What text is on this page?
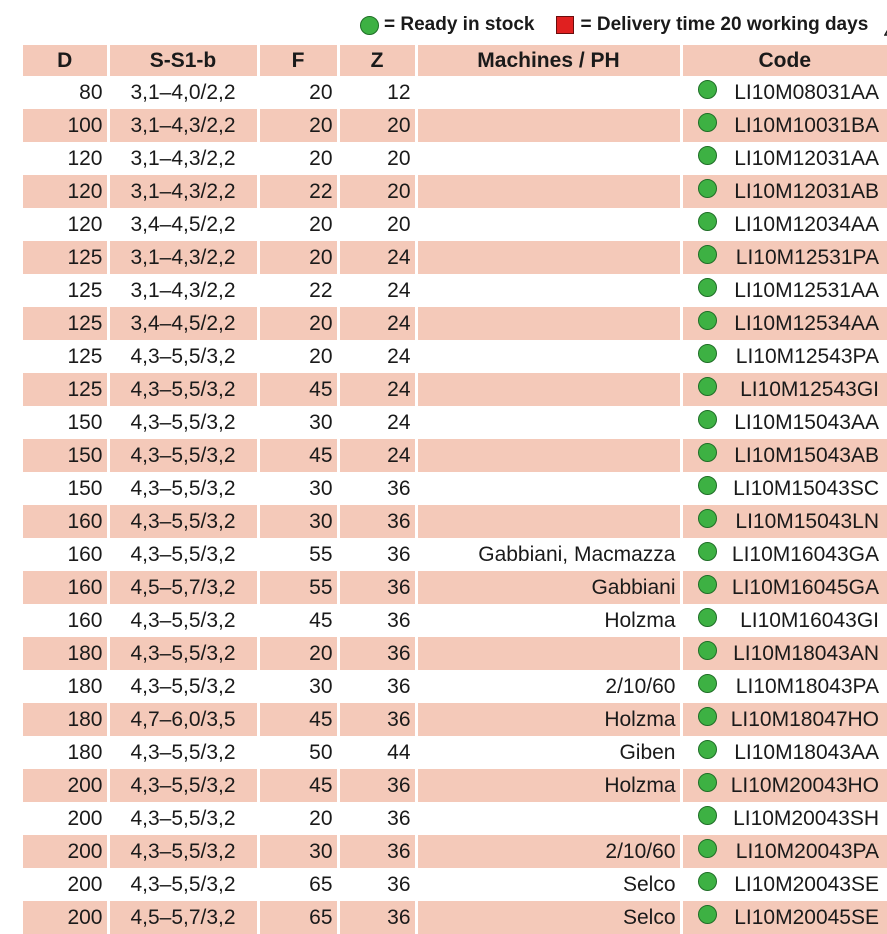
= Ready in stock = Delivery time 20 working days
D	S-S1-b	F	Z	Machines / PH	Code
80	3,1–4,0/2,2	20	12		LI10M08031AA
100	3,1–4,3/2,2	20	20		LI10M10031BA
120	3,1–4,3/2,2	20	20		LI10M12031AA
120	3,1–4,3/2,2	22	20		LI10M12031AB
120	3,4–4,5/2,2	20	20		LI10M12034AA
125	3,1–4,3/2,2	20	24		LI10M12531PA
125	3,1–4,3/2,2	22	24		LI10M12531AA
125	3,4–4,5/2,2	20	24		LI10M12534AA
125	4,3–5,5/3,2	20	24		LI10M12543PA
125	4,3–5,5/3,2	45	24		LI10M12543GI
150	4,3–5,5/3,2	30	24		LI10M15043AA
150	4,3–5,5/3,2	45	24		LI10M15043AB
150	4,3–5,5/3,2	30	36		LI10M15043SC
160	4,3–5,5/3,2	30	36		LI10M15043LN
160	4,3–5,5/3,2	55	36	Gabbiani, Macmazza	LI10M16043GA
160	4,5–5,7/3,2	55	36	Gabbiani	LI10M16045GA
160	4,3–5,5/3,2	45	36	Holzma	LI10M16043GI
180	4,3–5,5/3,2	20	36		LI10M18043AN
180	4,3–5,5/3,2	30	36	2/10/60	LI10M18043PA
180	4,7–6,0/3,5	45	36	Holzma	LI10M18047HO
180	4,3–5,5/3,2	50	44	Giben	LI10M18043AA
200	4,3–5,5/3,2	45	36	Holzma	LI10M20043HO
200	4,3–5,5/3,2	20	36		LI10M20043SH
200	4,3–5,5/3,2	30	36	2/10/60	LI10M20043PA
200	4,3–5,5/3,2	65	36	Selco	LI10M20043SE
200	4,5–5,7/3,2	65	36	Selco	LI10M20045SE
